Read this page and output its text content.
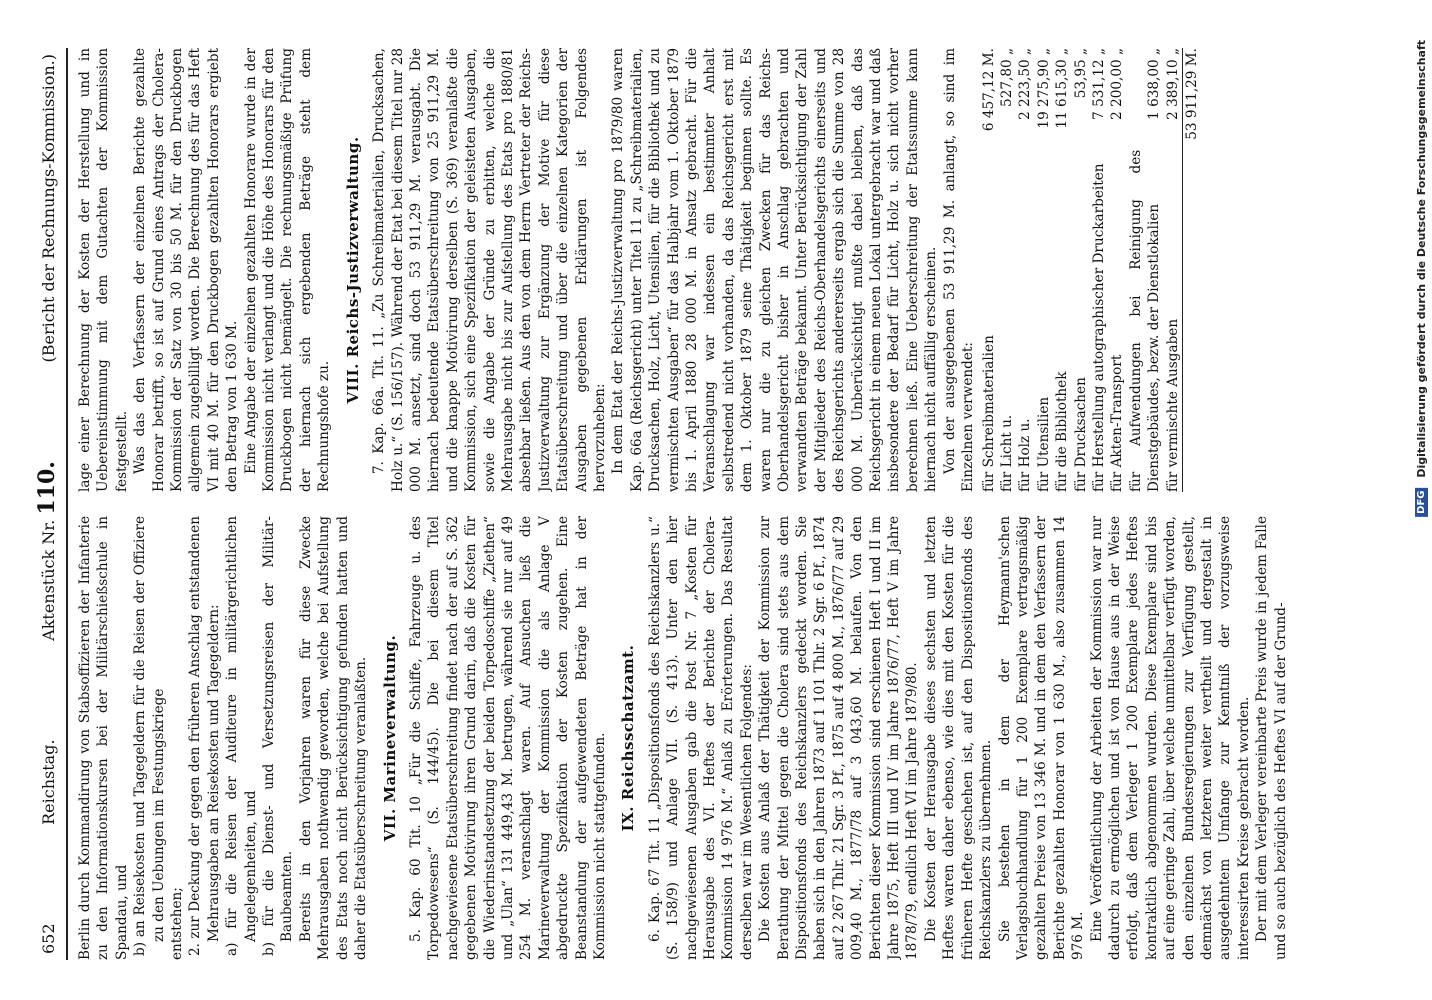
652
Reichstag.
Aktenstück Nr. 110.
(Bericht der Rechnungs-Kommission.)

Berlin durch Kommandirung von Stabsoffizieren der Infanterie zu den Informationskursen bei der Militärschießschule in Spandau, und b) an Reisekosten und Tagegeldern für die Reisen der Offiziere zu den Uebungen im Festungskriege entstehen; 2. zur Deckung der gegen den früheren Anschlag entstandenen Mehrausgaben an Reisekosten und Tagegeldern: a) für die Reisen der Auditeure in militärgerichtlichen Angelegenheiten, und b) für die Dienst- und Versetzungsreisen der Militär-Baubeamten. Bereits in den Vorjahren waren für diese Zwecke Mehrausgaben nothwendig geworden, welche bei Aufstellung des Etats noch nicht Berücksichtigung gefunden hatten und daher die Etatsüberschreitung veranlaßten. VII. Marineverwaltung. 5. Kap. 60 Tit. 10 „Für die Schiffe, Fahrzeuge u. des Torpedowesens“ (S. 144/45). Die bei diesem Titel nachgewiesene Etatsüberschreitung findet nach der auf S. 362 gegebenen Motivirung ihren Grund darin, daß die Kosten für die Wiederinstandsetzung der beiden Torpedoschiffe „Ziethen“ und „Ulan“ 131 449,43 M. betrugen, während sie nur auf 49 254 M. veranschlagt waren. Auf Ansuchen ließ die Marineverwaltung der Kommission die als Anlage V abgedruckte Spezifikation der Kosten zugehen. Eine Beanstandung der aufgewendeten Beträge hat in der Kommission nicht stattgefunden. IX. Reichsschatzamt. 6. Kap. 67 Tit. 11 „Dispositionsfonds des Reichskanzlers u.“ (S. 158/9) und Anlage VII. (S. 413). Unter den hier nachgewiesenen Ausgaben gab die Post Nr. 7 „Kosten für Herausgabe des VI. Heftes der Berichte der Cholera-Kommission 14 976 M.“ Anlaß zu Erörterungen. Das Resultat derselben war im Wesentlichen Folgendes: Die Kosten aus Anlaß der Thätigkeit der Kommission zur Berathung der Mittel gegen die Cholera sind stets aus dem Dispositionsfonds des Reichskanzlers gedeckt worden. Sie haben sich in den Jahren 1873 auf 1 101 Thlr. 2 Sgr. 6 Pf., 1874 auf 2 267 Thlr. 21 Sgr. 3 Pf., 1875 auf 4 800 M., 1876/77 auf 29 009,40 M., 1877/78 auf 3 043,60 M. belaufen. Von den Berichten dieser Kommission sind erschienen Heft I und II im Jahre 1875, Heft III und IV im Jahre 1876/77, Heft V im Jahre 1878/79, endlich Heft VI im Jahre 1879/80. Die Kosten der Herausgabe dieses sechsten und letzten Heftes waren daher ebenso, wie dies mit den Kosten für die früheren Hefte geschehen ist, auf den Dispositionsfonds des Reichskanzlers zu übernehmen. Sie bestehen in dem der Heymann'schen Verlagsbuchhandlung für 1 200 Exemplare vertragsmäßig gezahlten Preise von 13 346 M. und in dem den Verfassern der Berichte gezahlten Honorar von 1 630 M., also zusammen 14 976 M. Eine Veröffentlichung der Arbeiten der Kommission war nur dadurch zu ermöglichen und ist von Hause aus in der Weise erfolgt, daß dem Verleger 1 200 Exemplare jedes Heftes kontraktlich abgenommen wurden. Diese Exemplare sind bis auf eine geringe Zahl, über welche unmittelbar verfügt worden, den einzelnen Bundesregierungen zur Verfügung gestellt, demnächst von letzteren weiter vertheilt und dergestalt in ausgedehntem Umfange zur Kenntniß der vorzugsweise interessirten Kreise gebracht worden. Der mit dem Verleger vereinbarte Preis wurde in jedem Falle und so auch bezüglich des Heftes VI auf der Grund-

lage einer Berechnung der Kosten der Herstellung und in Uebereinstimmung mit dem Gutachten der Kommission festgestellt. Was das den Verfassern der einzelnen Berichte gezahlte Honorar betrifft, so ist auf Grund eines Antrags der Cholera-Kommission der Satz von 30 bis 50 M. für den Druckbogen allgemein zugebilligt worden. Die Berechnung des für das Heft VI mit 40 M. für den Druckbogen gezahlten Honorars ergiebt den Betrag von 1 630 M. Eine Angabe der einzelnen gezahlten Honorare wurde in der Kommission nicht verlangt und die Höhe des Honorars für den Druckbogen nicht bemängelt. Die rechnungsmäßige Prüfung der hiernach sich ergebenden Beträge steht dem Rechnungshofe zu.

VIII. Reichs-Justizverwaltung. 7. Kap. 66a. Tit. 11. „Zu Schreibmaterialien, Drucksachen, Holz u.“ (S. 156/157). Während der Etat bei diesem Titel nur 28 000 M. ansetzt, sind doch 53 911,29 M. verausgabt. Die hiernach bedeutende Etatsüberschreitung von 25 911,29 M. und die knappe Motivirung derselben (S. 369) veranlaßte die Kommission, sich eine Spezifikation der geleisteten Ausgaben, sowie die Angabe der Gründe zu erbitten, welche die Mehrausgabe nicht bis zur Aufstellung des Etats pro 1880/81 absehbar ließen. Aus den von dem Herrn Vertreter der Reichs-Justizverwaltung zur Ergänzung der Motive für diese Etatsüberschreitung und über die einzelnen Kategorien der Ausgaben gegebenen Erklärungen ist Folgendes hervorzuheben: In dem Etat der Reichs-Justizverwaltung pro 1879/80 waren Kap. 66a (Reichsgericht) unter Titel 11 zu „Schreibmaterialien, Drucksachen, Holz, Licht, Utensilien, für die Bibliothek und zu vermischten Ausgaben“ für das Halbjahr vom 1. Oktober 1879 bis 1. April 1880 28 000 M. in Ansatz gebracht. Für die Veranschlagung war indessen ein bestimmter Anhalt selbstredend nicht vorhanden, da das Reichsgericht erst mit dem 1. Oktober 1879 seine Thätigkeit beginnen sollte. Es waren nur die zu gleichen Zwecken für das Reichs-Oberhandelsgericht bisher in Anschlag gebrachten und verwandten Beträge bekannt. Unter Berücksichtigung der Zahl der Mitglieder des Reichs-Oberhandelsgerichts einerseits und des Reichsgerichts andererseits ergab sich die Summe von 28 000 M. Unberücksichtigt mußte dabei bleiben, daß das Reichsgericht in einem neuen Lokal untergebracht war und daß insbesondere der Bedarf für Licht, Holz u. sich nicht vorher berechnen ließ. Eine Ueberschreitung der Etatssumme kann hiernach nicht auffällig erscheinen. Von der ausgegebenen 53 911,29 M. anlangt, so sind im Einzelnen verwendet: für Schreibmaterialien	6 457,12 M.
für Licht u.	527,80 „
für Holz u.	2 223,50 „
für Utensilien	19 275,90 „
für die Bibliothek	11 615,30 „
für Drucksachen	53,95 „
für Herstellung autographischer Druckarbeiten	7 531,12 „
für Akten-Transport	2 200,00 „
für Aufwendungen bei Reinigung des Dienstgebäudes, bezw. der Dienstlokalien	1 638,00 „
für vermischte Ausgaben	2 389,10 „
	53 911,29 M.
DFG Digitalisierung gefördert durch die Deutsche Forschungsgemeinschaft
